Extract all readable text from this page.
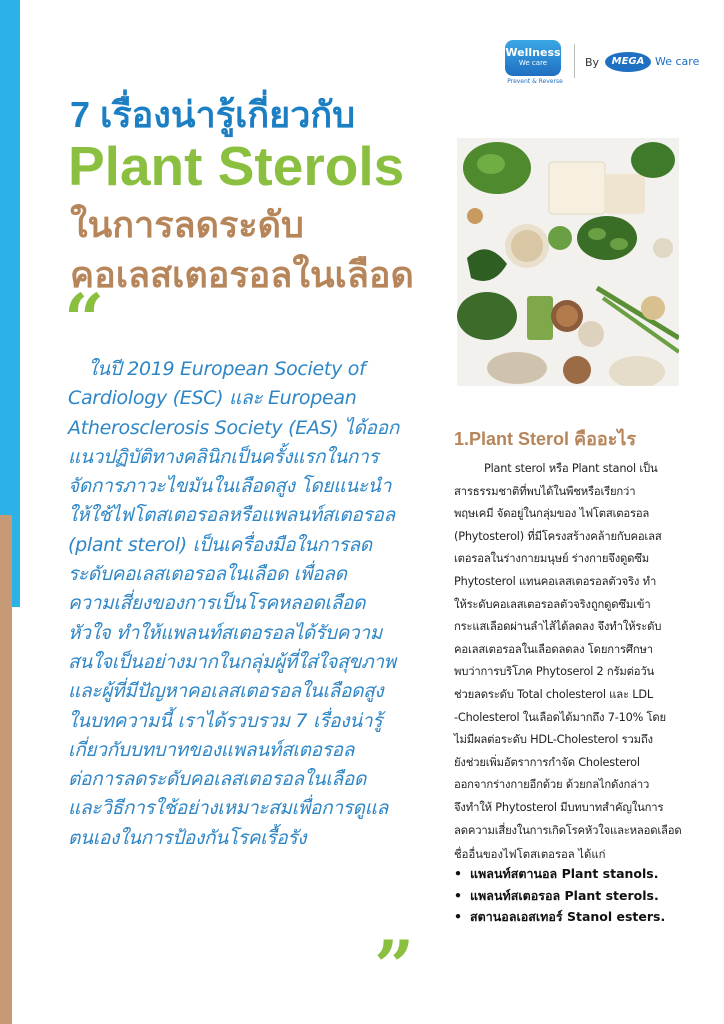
Wellness
We care
Prevent & Reverse
By	MEGA We care
7 เรื่องน่ารู้เกี่ยวกับ
Plant Sterols
ในการลดระดับ
คอเลสเตอรอลในเลือด
“
ในปี 2019 European Society of
Cardiology (ESC) และ European
Atherosclerosis Society (EAS) ได้ออก
แนวปฏิบัติทางคลินิกเป็นครั้งแรกในการ
จัดการภาวะไขมันในเลือดสูง โดยแนะนำ
ให้ใช้ไฟโตสเตอรอลหรือแพลนท์สเตอรอล
(plant sterol) เป็นเครื่องมือในการลด
ระดับคอเลสเตอรอลในเลือด เพื่อลด
ความเสี่ยงของการเป็นโรคหลอดเลือด
หัวใจ ทำให้แพลนท์สเตอรอลได้รับความ
สนใจเป็นอย่างมากในกลุ่มผู้ที่ใส่ใจสุขภาพ
และผู้ที่มีปัญหาคอเลสเตอรอลในเลือดสูง
ในบทความนี้ เราได้รวบรวม 7 เรื่องน่ารู้
เกี่ยวกับบทบาทของแพลนท์สเตอรอล
ต่อการลดระดับคอเลสเตอรอลในเลือด
และวิธีการใช้อย่างเหมาะสมเพื่อการดูแล
ตนเองในการป้องกันโรคเรื้อรัง
”
1.Plant Sterol คืออะไร
Plant sterol หรือ Plant stanol เป็น
สารธรรมชาติที่พบได้ในพืชหรือเรียกว่า
พฤษเคมี จัดอยู่ในกลุ่มของ ไฟโตสเตอรอล
(Phytosterol) ที่มีโครงสร้างคล้ายกับคอเลส
เตอรอลในร่างกายมนุษย์ ร่างกายจึงดูดซึม
Phytosterol แทนคอเลสเตอรอลตัวจริง ทำ
ให้ระดับคอเลสเตอรอลตัวจริงถูกดูดซึมเข้า
กระแสเลือดผ่านลำไส้ได้ลดลง จึงทำให้ระดับ
คอเลสเตอรอลในเลือดลดลง โดยการศึกษา
พบว่าการบริโภค Phytoserol 2 กรัมต่อวัน
ช่วยลดระดับ Total cholesterol และ LDL
-Cholesterol ในเลือดได้มากถึง 7-10% โดย
ไม่มีผลต่อระดับ HDL-Cholesterol รวมถึง
ยังช่วยเพิ่มอัตราการกำจัด Cholesterol
ออกจากร่างกายอีกด้วย ด้วยกลไกดังกล่าว
จึงทำให้ Phytosterol มีบทบาทสำคัญในการ
ลดความเสี่ยงในการเกิดโรคหัวใจและหลอดเลือด
ชื่ออื่นของไฟโตสเตอรอล ได้แก่
• แพลนท์สตานอล Plant stanols.
• แพลนท์สเตอรอล Plant sterols.
• สตานอลเอสเทอร์ Stanol esters.
